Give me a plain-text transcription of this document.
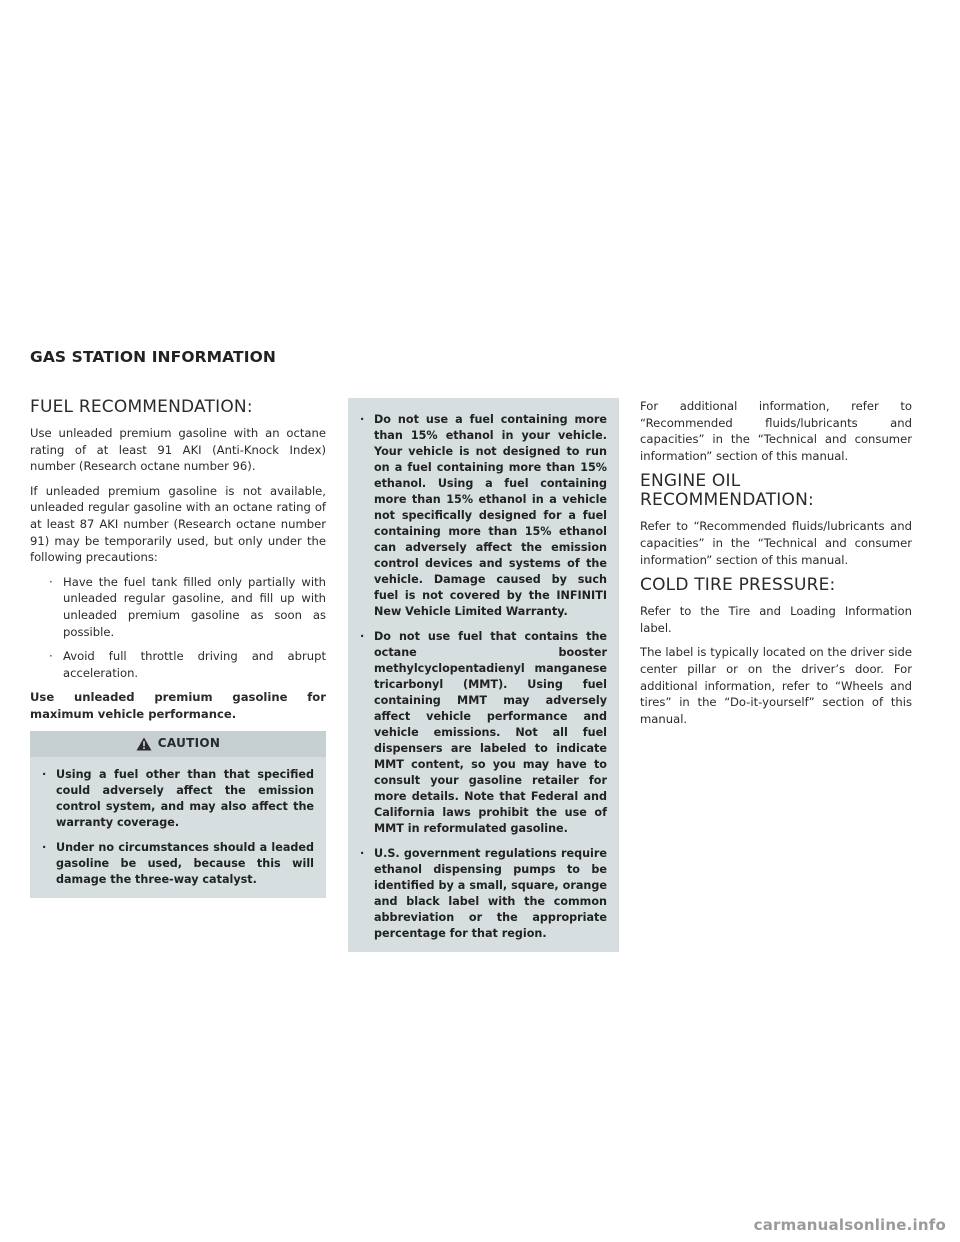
GAS STATION INFORMATION
FUEL RECOMMENDATION:

Use unleaded premium gasoline with an octane rating of at least 91 AKI (Anti-Knock Index) number (Research octane number 96).

If unleaded premium gasoline is not available, unleaded regular gasoline with an octane rating of at least 87 AKI number (Research octane number 91) may be temporarily used, but only under the following precautions:

· Have the fuel tank filled only partially with unleaded regular gasoline, and fill up with unleaded premium gasoline as soon as possible.
· Avoid full throttle driving and abrupt acceleration.

Use unleaded premium gasoline for maximum vehicle performance.

CAUTION
· Using a fuel other than that specified could adversely affect the emission control system, and may also affect the warranty coverage.
· Under no circumstances should a leaded gasoline be used, because this will damage the three-way catalyst.
· Do not use a fuel containing more than 15% ethanol in your vehicle. Your vehicle is not designed to run on a fuel containing more than 15% ethanol. Using a fuel containing more than 15% ethanol in a vehicle not specifically designed for a fuel containing more than 15% ethanol can adversely affect the emission control devices and systems of the vehicle. Damage caused by such fuel is not covered by the INFINITI New Vehicle Limited Warranty.
· Do not use fuel that contains the octane booster methylcyclopentadienyl manganese tricarbonyl (MMT). Using fuel containing MMT may adversely affect vehicle performance and vehicle emissions. Not all fuel dispensers are labeled to indicate MMT content, so you may have to consult your gasoline retailer for more details. Note that Federal and California laws prohibit the use of MMT in reformulated gasoline.
· U.S. government regulations require ethanol dispensing pumps to be identified by a small, square, orange and black label with the common abbreviation or the appropriate percentage for that region.

For additional information, refer to “Recommended fluids/lubricants and capacities” in the “Technical and consumer information” section of this manual.

ENGINE OIL
RECOMMENDATION:

Refer to “Recommended fluids/lubricants and capacities” in the “Technical and consumer information” section of this manual.

COLD TIRE PRESSURE:

Refer to the Tire and Loading Information label.

The label is typically located on the driver side center pillar or on the driver’s door. For additional information, refer to “Wheels and tires” in the “Do-it-yourself” section of this manual.

carmanualsonline.info
